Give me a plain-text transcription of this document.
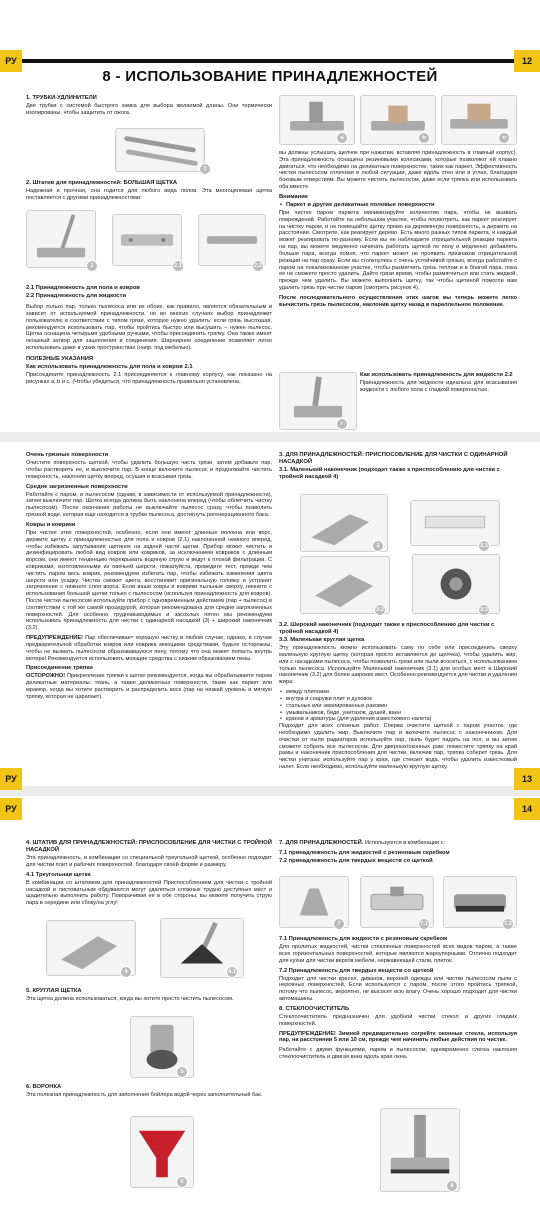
РУ	12
8 - ИСПОЛЬЗОВАНИЕ ПРИНАДЛЕЖНОСТЕЙ
1. ТРУБКИ-УДЛИНИТЕЛИ
Две трубки с системой быстрого замка для выбора желаемой длины. Они термически изолированы, чтобы защитить от ожога.
1
2. Штатив для принадлежностей: БОЛЬШАЯ ЩЕТКА
Надежная и прочная, она годится для любого вида полов. Эта многоцелевая щетка поставляется с другими принадлежностями:
2	2.1	2.2
2.1 Принадлежность для пола и ковров
2.2 Принадлежность для жидкости
Выбор только пар, только пылесоса или их обоих, как правило, является обязательным и зависит от используемой принадлежности, но во многих случаях выбор принадлежит пользователю в соответствии с типом грязи, которую нужно удалить: если грязь высохшая, рекомендуется использовать пар, чтобы пройтись быстро или высушить – нужен пылесос. Щетка оснащена четырьмя удобными ручками, чтобы присоединять тряпку. Она также имеет окошный затвор для зацепления и соединения. Шарнирное соединение позволяет легко использовать даже в узких пространствах (напр. под мебелью).
ПОЛЕЗНЫЕ УКАЗАНИЯ
Как использовать принадлежность для пола и ковров 2.1
Присоедините принадлежность 2.1 присоединяется к главному корпусу, как показано на рисунках a, b и c. (Чтобы убедиться, что принадлежность правильно установлена,
a	b	c
вы должны услышать щелчок при нажатии, вставляя принадлежность в главный корпус). Эта принадлежность оснащена резиновыми колесиками, которые позволяют ей плавно двигаться, что необходимо на деликатных поверхностях, таких как паркет. Эффективность чистки пылесосом отличная в любой ситуации, даже вдоль стен или в углах, благодаря боковым отверстиям. Вы можете чистить пылесосом, даже если тряпка или использовать оба вместе.
Внимание
• Паркет и другие деликатные половые поверхности
При чистке паром паркета минимизируйте количество пара, чтобы не вызвать повреждений. Работайте на небольшом участке, чтобы посмотреть, как паркет реагирует на чистку паром, и не помещайте щетку прямо на деревянную поверхность, а держите на расстоянии. Смотрите, как реагирует дерево. Есть много разных типов паркета, и каждый может реагировать по-разному. Если вы не наблюдаете отрицательной реакции паркета на пар, вы можете медленно начинать работать щеткой по полу и медленно добавлять больше пара, всегда помня, что паркет может не проявить признаков отрицательной реакции на пар сразу. Если вы столкнулись с очень устойчивой грязью, всегда работайте с паром на локализованном участке, чтобы размягчить грязь теплом и в благой пара, пока ее не сможете просто удалить. Дайте грязи время, чтобы размягчиться или стать жидкой, прежде чем удалить. Вы можете выполнить щетку, так чтобы щетиной помогли вам удалить грязь при чистке паром (смотреть рисунок 4).
После последовательного осуществления этих шагов вы теперь можете легко вычистить грязь пылесосом, наклонив щетку назад в параллельное положение.
г
Как использовать принадлежность для жидкости 2.2
Принадлежность для жидкости идеальна для всасывания жидкости с любого пола с гладкой поверхностью.
Очень грязные поверхности
Очистите поверхность щеткой, чтобы удалить большую часть грязи, затем добавьте пар, чтобы растворить ее, и выключите пар. В конце включите пылесос и продолжайте чистить поверхность, наклоняя щетку вперед, осушая и всасывая грязь.
Средне загрязненные поверхности
Работайте с паром, и пылесосом (одним, в зависимости от используемой принадлежности), затем выключите пар. Щетка всегда должна быть наклонена вперед (чтобы облегчить чистку пылесосом). После окончания работы не выключайте пылесос сразу, чтобы позволить грязной воде, которая еще находится в трубке пылесоса, достигнуть регенерационного бака.
Ковры и коврики
При чистке этих поверхностей, особенно, если они имеют длинные волокна или ворс, держите щетку с принадлежностью для пола и ковров (2.1) наклоненной немного вперед, чтобы избежать запутывания щетинок на задней части щетки. Прибор может чистить и дезинфицировать любой вид ковров или ковриков, за исключением ковриков с длинным ворсом, они имеют тенденцию перекрывать водяную струю и ведут к плохой фильтрации. С ковриками, изготовленными из овечьей шерсти, пожалуйста, проведите тест, прежде чем чистить паром весь коврик, рекомендуем избегать пар, чтобы избежать изменения цвета шерсти или усадку. Чистка сможет цвета, восстановит оригинальную головку и устранит загрязнение с нижнего слоя ворса. Если ваши ковры и коврики пыльные сверху, начните с использования большой щетки только с пылесосом (используя принадлежность для ковров). После чистки пылесосом используйте прибор с одновременным действием (пар + пылесос) в соответствии с той же самой процедурой, которая рекомендована для средне загрязненных поверхностей. Для особенно трудновыводимых и засохлых пятен мы рекомендуем использовать принадлежность для чистки с одинарной насадкой (3) + широкий наконечник (3.2).
ПРЕДУПРЕЖДЕНИЕ! Пар обеспечивает хорошую чистку в любом случае, однако, в случае предварительной обработки ковров или коврика моющими средствами, будьте осторожны, чтобы не вызвать пылесосом образовавшуюся пену, потому что она может попасть внутрь мотора! Рекомендуется использовать моющие средства с низким образованием пены.
Присоединение тряпки
ОСТОРОЖНО! Прикрепление тряпки к щетке рекомендуется, когда вы обрабатываете паром деликатные материалы: ткань, а также деликатные поверхности, такие как паркет или мрамор, когда вы хотите растворить и распределить воск (пар на низкий уровень и мягкую тряпку, которая не царапает).
3. ДЛЯ ПРИНАДЛЕЖНОСТЕЙ: ПРИСПОСОБЛЕНИЕ ДЛЯ ЧИСТКИ С ОДИНАРНОЙ НАСАДКОЙ
3.1. Маленький наконечник (подходит также к приспособлению для чистки с тройной насадкой 4)
3	3.1
3.2	3.3
3.2. Широкий наконечник (подходит также к приспособлению для чистки с тройной насадкой 4)
3.3. Маленькая круглая щетка
Эту принадлежность можно использовать саму по себе или присоединить сверху маленькую круглую щетку (которая просто вставляется до щелчка), чтобы удалить жир, или с насадками пылесоса, чтобы позволить грязи или пыли всосаться, с использованием только пылесоса. Используйте Маленький наконечник (3.1) для особых мест и Широкий наконечник (3.2) для более широких мест. Особенно рекомендуется для чистки и удаления жира:
• между плитками
• внутри и снаружи плит и духовок
• стальных или эмалированных раковин
• умывальников, биде, унитазов, душей, ванн
• кранов и арматуры (для удаления известкового налета)
Подходит для всех сложных работ. Сперва очистите щеткой с паром участок, где необходимо удалить жир. Выключите пар и включите пылесос с наконечником. Для очистки от пыли радиаторов используйте пар, пыль будет падать на пол, и вы затем сможете собрать все пылесосом. Для дверных/оконных рам: поместите тряпку на край рамы и наконечник приспособления для чистки, включив пар, тряпка соберет грязь. Для чистки унитаза: используйте пар у края, где стекает вода, чтобы удалить известковый налет. Если необходимо, используйте маленькую круглую щетку.
РУ	13
РУ	14
4. ШТАТИВ ДЛЯ ПРИНАДЛЕЖНОСТЕЙ: ПРИСПОСОБЛЕНИЕ ДЛЯ ЧИСТКИ С ТРОЙНОЙ НАСАДКОЙ
Эта принадлежность, в комбинации со специальной треугольной щеткой, особенно подходит для чистки плит и рабочих поверхностей, благодаря своей форме и размеру.
4.1 Треугольная щетка
В комбинации со штативом для принадлежностей Приспособлением для чистки с тройной насадкой и листоватьным обдуваются могут удаляться сложных трудно доступных мест и щадительно выполнить работу. Поворачивая ее в обе стороны, вы можете получить струю пара в середине или сбоку/на углу!
4	4.1
5. КРУГЛАЯ ЩЕТКА
Эта щетка должна использоваться, когда вы хотите просто чистить пылесосом.
5
6. ВОРОНКА
Эта полезная принадлежность для заполнения бойлера водой через заполнительный бак.
6
7. ДЛЯ ПРИНАДЛЕЖНОСТЕЙ. Используются в комбинации с:
7.1 принадлежность для жидкостей с резиновым скребком
7.2 принадлежность для твердых веществ со щеткой
7	7.1	7.2
7.1 Принадлежность для жидкости с резиновым скребком
Для пролитых жидкостей, чистки стеклянных поверхностей всех видов паром, а также всех горизонтальных поверхностей, которые являются жароупорными. Отлично подходит для кухни для чистки верхов мебели, нержавеющей стали, плиток.
7.2 Принадлежность для твердых веществ со щеткой
Подходит для чистки кресел, диванов, верхней одежды или чистки пылесосом пыли с неровных поверхностей. Если используется с паром, после этого пройтись тряпкой, потому что пылесос, вероятно, не высосет всю влагу. Очень хорошо подходит для чистки автомашины.
8. СТЕКЛООЧИСТИТЕЛЬ
Стеклоочиститель предназначен для удобной чистки стекол и других гладких поверхностей.
ПРЕДУПРЕЖДЕНИЕ! Зимней предварительно согрейте оконные стекла, используя пар, на расстоянии 5 или 10 см, прежде чем начинать любые действия по чистке.
Работайте с двумя функциями, паром и пылесосом, одновременно слегка наклоняя стеклоочиститель и двигая вниз вдоль края окна.
8
